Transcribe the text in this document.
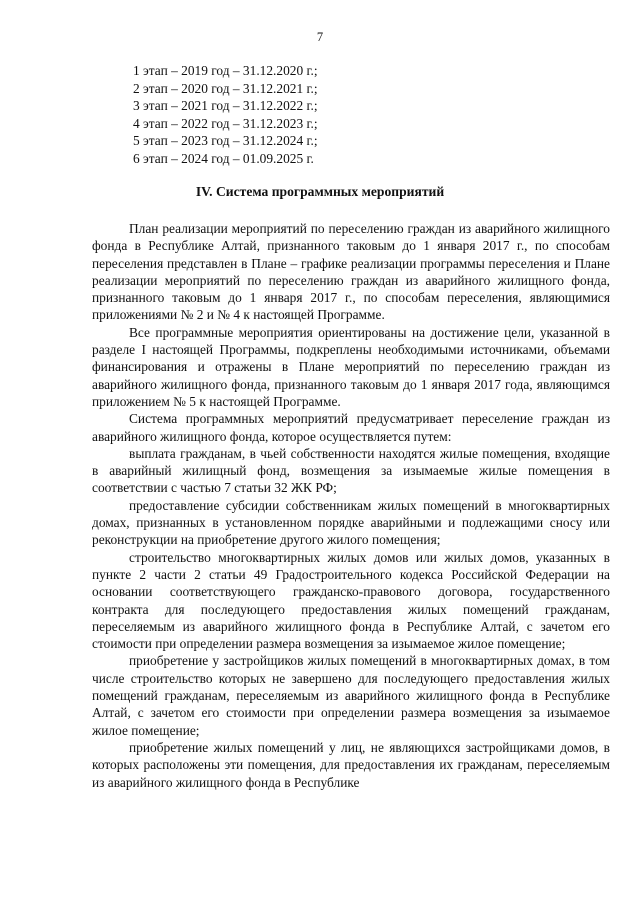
7
1 этап – 2019 год – 31.12.2020 г.;
2 этап – 2020 год – 31.12.2021 г.;
3 этап – 2021 год – 31.12.2022 г.;
4 этап – 2022 год – 31.12.2023 г.;
5 этап – 2023 год – 31.12.2024 г.;
6 этап – 2024 год – 01.09.2025 г.
IV. Система программных мероприятий

План реализации мероприятий по переселению граждан из аварийного жилищного фонда в Республике Алтай, признанного таковым до 1 января 2017 г., по способам переселения представлен в Плане – графике реализации программы переселения и Плане реализации мероприятий по переселению граждан из аварийного жилищного фонда, признанного таковым до 1 января 2017 г., по способам переселения, являющимися приложениями № 2 и № 4 к настоящей Программе.

Все программные мероприятия ориентированы на достижение цели, указанной в разделе I настоящей Программы, подкреплены необходимыми источниками, объемами финансирования и отражены в Плане мероприятий по переселению граждан из аварийного жилищного фонда, признанного таковым до 1 января 2017 года, являющимся приложением № 5 к настоящей Программе.

Система программных мероприятий предусматривает переселение граждан из аварийного жилищного фонда, которое осуществляется путем:

выплата гражданам, в чьей собственности находятся жилые помещения, входящие в аварийный жилищный фонд, возмещения за изымаемые жилые помещения в соответствии с частью 7 статьи 32 ЖК РФ;

предоставление субсидии собственникам жилых помещений в многоквартирных домах, признанных в установленном порядке аварийными и подлежащими сносу или реконструкции на приобретение другого жилого помещения;

строительство многоквартирных жилых домов или жилых домов, указанных в пункте 2 части 2 статьи 49 Градостроительного кодекса Российской Федерации на основании соответствующего гражданско-правового договора, государственного контракта для последующего предоставления жилых помещений гражданам, переселяемым из аварийного жилищного фонда в Республике Алтай, с зачетом его стоимости при определении размера возмещения за изымаемое жилое помещение;

приобретение у застройщиков жилых помещений в многоквартирных домах, в том числе строительство которых не завершено для последующего предоставления жилых помещений гражданам, переселяемым из аварийного жилищного фонда в Республике Алтай, с зачетом его стоимости при определении размера возмещения за изымаемое жилое помещение;

приобретение жилых помещений у лиц, не являющихся застройщиками домов, в которых расположены эти помещения, для предоставления их гражданам, переселяемым из аварийного жилищного фонда в Республике
